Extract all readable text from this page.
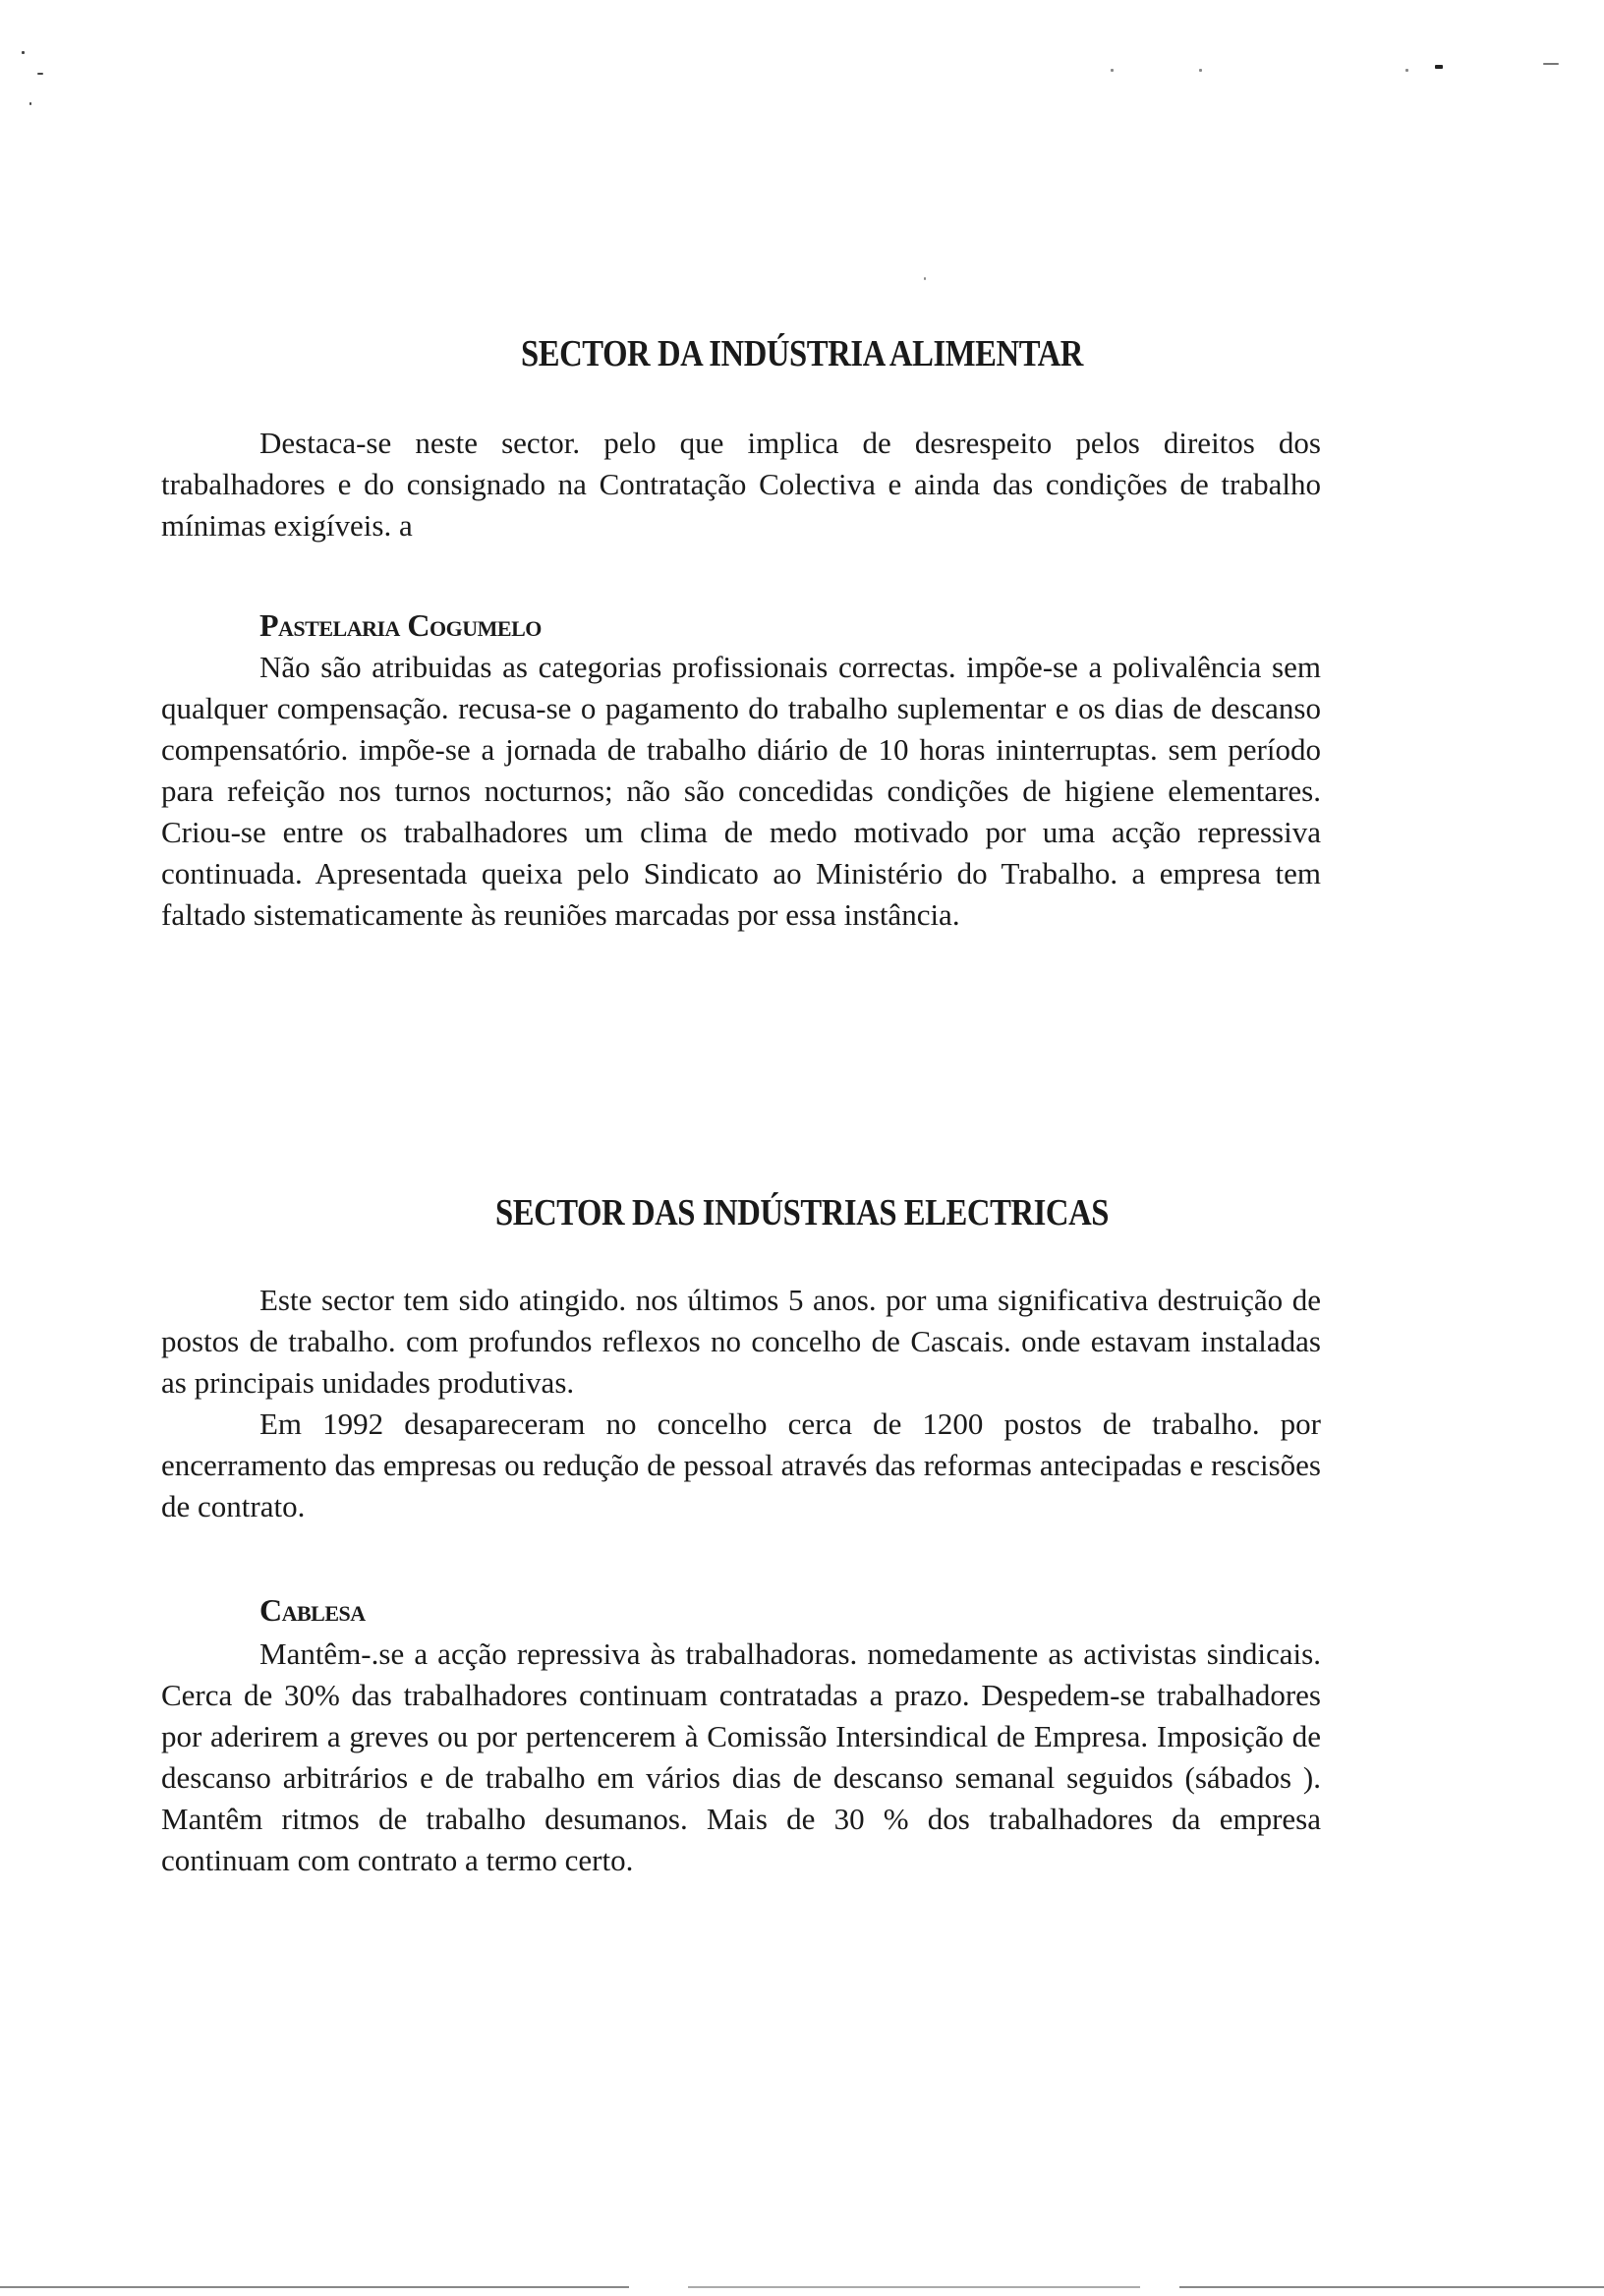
SECTOR DA INDÚSTRIA ALIMENTAR

Destaca-se neste sector. pelo que implica de desrespeito pelos direitos dos trabalhadores e do consignado na Contratação Colectiva e ainda das condições de trabalho mínimas exigíveis. a

Pastelaria Cogumelo

Não são atribuidas as categorias profissionais correctas. impõe-se a polivalência sem qualquer compensação. recusa-se o pagamento do trabalho suplementar e os dias de descanso compensatório. impõe-se a jornada de trabalho diário de 10 horas ininterruptas. sem período para refeição nos turnos nocturnos; não são concedidas condições de higiene elementares. Criou-se entre os trabalhadores um clima de medo motivado por uma acção repressiva continuada. Apresentada queixa pelo Sindicato ao Ministério do Trabalho. a empresa tem faltado sistematicamente às reuniões marcadas por essa instância.

SECTOR DAS INDÚSTRIAS ELECTRICAS

Este sector tem sido atingido. nos últimos 5 anos. por uma significativa destruição de postos de trabalho. com profundos reflexos no concelho de Cascais. onde estavam instaladas as principais unidades produtivas.

Em 1992 desapareceram no concelho cerca de 1200 postos de trabalho. por encerramento das empresas ou redução de pessoal através das reformas antecipadas e rescisões de contrato.

Cablesa

Mantêm-.se a acção repressiva às trabalhadoras. nomedamente as activistas sindicais. Cerca de 30% das trabalhadores continuam contratadas a prazo. Despedem-se trabalhadores por aderirem a greves ou por pertencerem à Comissão Intersindical de Empresa. Imposição de descanso arbitrários e de trabalho em vários dias de descanso semanal seguidos (sábados ). Mantêm ritmos de trabalho desumanos. Mais de 30 % dos trabalhadores da empresa continuam com contrato a termo certo.
